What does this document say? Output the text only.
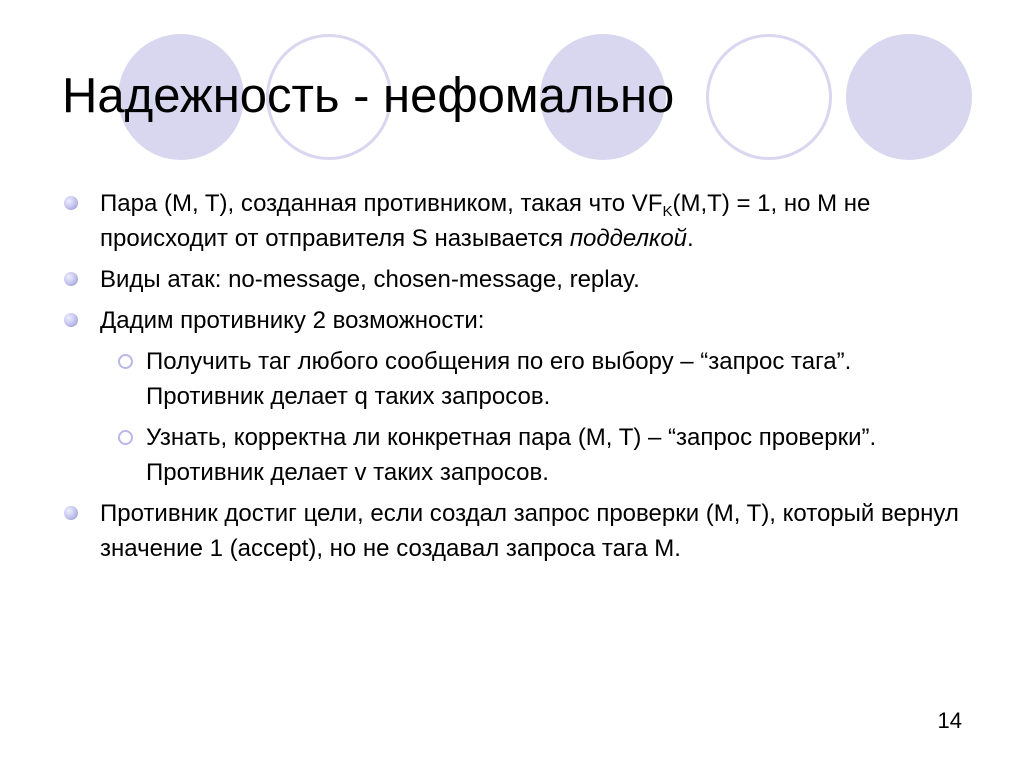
Надежность - нефомально
Пара (M, T), созданная противником, такая что $VF_K(M,T) = 1$, но M не происходит от отправителя S называется подделкой.
Виды атак: no-message, chosen-message, replay.
Дадим противнику 2 возможности:
Получить таг любого сообщения по его выбору – “запрос тага”. Противник делает q таких запросов.
Узнать, корректна ли конкретная пара (M, T) – “запрос проверки”. Противник делает v таких запросов.
Противник достиг цели, если создал запрос проверки (M, T), который вернул значение 1 (accept), но не создавал запроса тага M.
14
